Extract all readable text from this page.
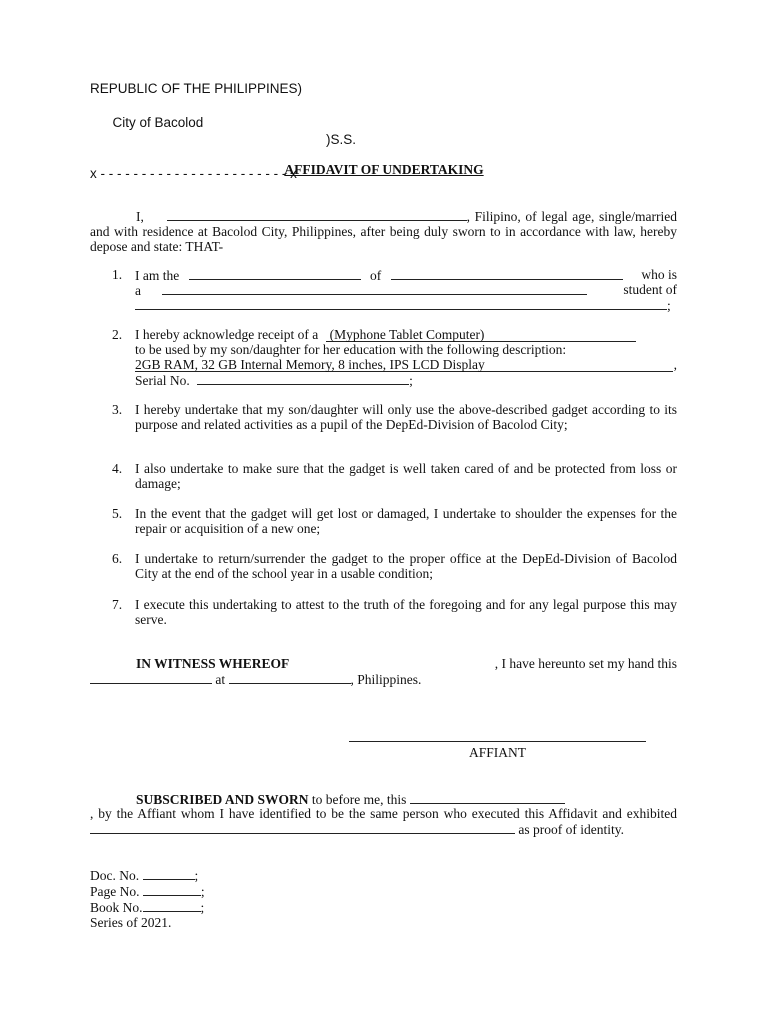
REPUBLIC OF THE PHILIPPINES)

City of Bacolod

)S.S.

x - - - - - - - - - - - - - - - - - - - - - - - x
AFFIDAVIT OF UNDERTAKING
I,	, Filipino, of legal age, single/married and with residence at Bacolod City, Philippines, after being duly sworn to in accordance with law, hereby depose and state: THAT-
1. I am the	of	who is
a	student of
;
2. I hereby acknowledge receipt of a (Myphone Tablet Computer)
to be used by my son/daughter for her education with the following description:
2GB RAM, 32 GB Internal Memory, 8 inches, IPS LCD Display	,
Serial No.	;
3. I hereby undertake that my son/daughter will only use the above-described gadget according to its purpose and related activities as a pupil of the DepEd-Division of Bacolod City;
4. I also undertake to make sure that the gadget is well taken cared of and be protected from loss or damage;
5. In the event that the gadget will get lost or damaged, I undertake to shoulder the expenses for the repair or acquisition of a new one;
6. I undertake to return/surrender the gadget to the proper office at the DepEd-Division of Bacolod City at the end of the school year in a usable condition;
7. I execute this undertaking to attest to the truth of the foregoing and for any legal purpose this may serve.
IN WITNESS WHEREOF	, I have hereunto set my hand this
at	, Philippines.
AFFIANT
SUBSCRIBED AND SWORN to before me, this
, by the Affiant whom I have identified to be the same person who executed this Affidavit and exhibited  as proof of identity.
Doc. No.	;
Page No.	;
Book No.	;
Series of 2021.
